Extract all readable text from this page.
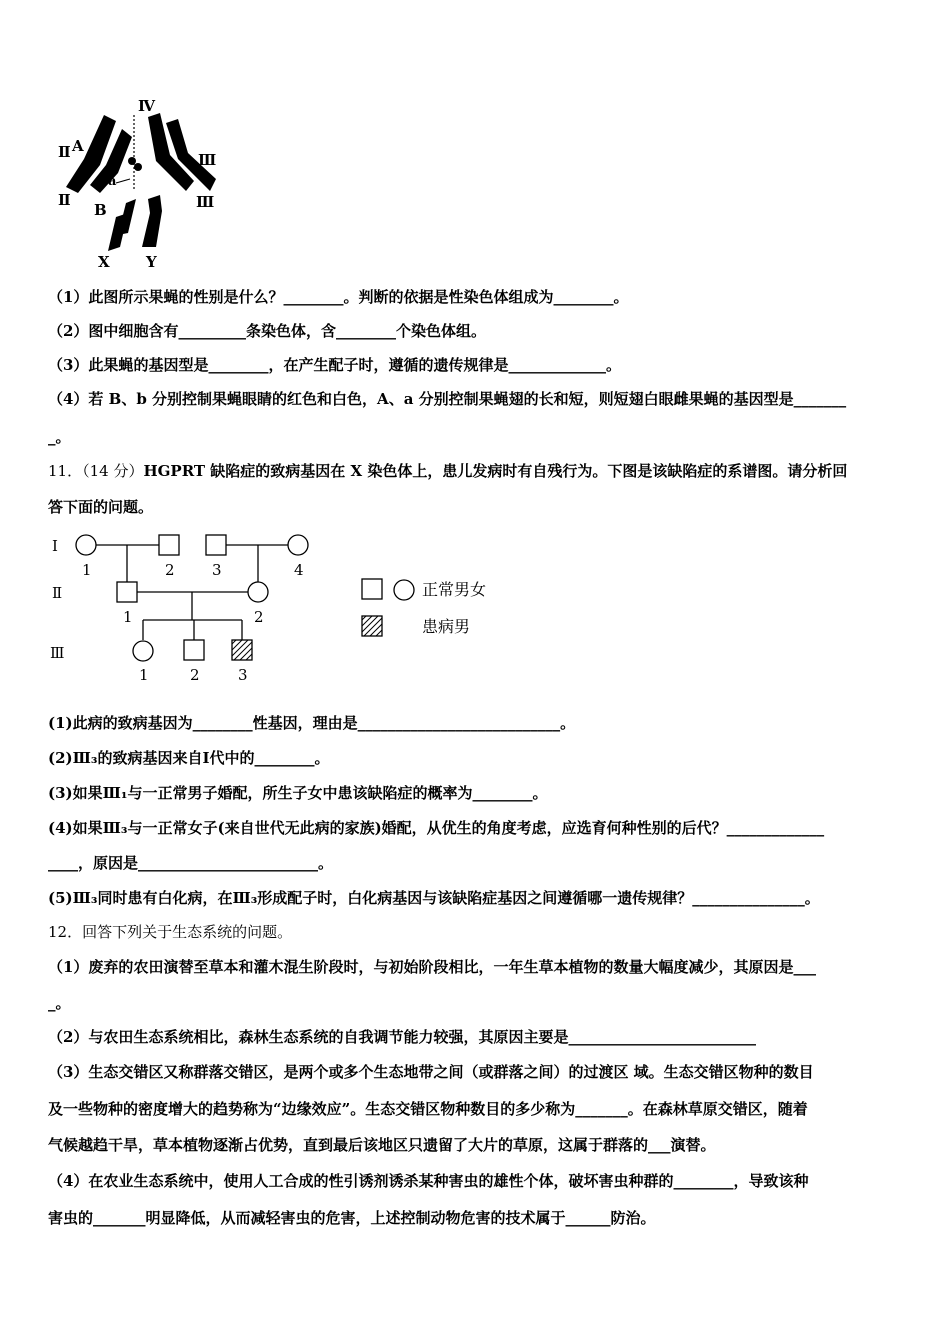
Ⅳ
Ⅱ
Ⅱ
Ⅲ
Ⅲ
A
a
B
X Y
（1）此图所示果蝇的性别是什么？________。判断的依据是性染色体组成为________。
（2）图中细胞含有_________条染色体，含________个染色体组。
（3）此果蝇的基因型是________，在产生配子时，遵循的遗传规律是_____________。
（4）若 B、b 分别控制果蝇眼睛的红色和白色，A、a 分别控制果蝇翅的长和短，则短翅白眼雌果蝇的基因型是_______
_。
11．（14 分）HGPRT 缺陷症的致病基因在 X 染色体上，患儿发病时有自残行为。下图是该缺陷症的系谱图。请分析回
答下面的问题。
Ⅰ
Ⅱ
Ⅲ
1	2 3	4
1	2
1	2	3
正常男女
患病男
(1)此病的致病基因为________性基因，理由是___________________________。
(2)Ⅲ₃的致病基因来自Ⅰ代中的________。
(3)如果Ⅲ₁与一正常男子婚配，所生子女中患该缺陷症的概率为________。
(4)如果Ⅲ₃与一正常女子(来自世代无此病的家族)婚配，从优生的角度考虑，应选育何种性别的后代？_____________
____，原因是________________________。
(5)Ⅲ₃同时患有白化病，在Ⅲ₃形成配子时，白化病基因与该缺陷症基因之间遵循哪一遗传规律？_______________。
12．回答下列关于生态系统的问题。
（1）废弃的农田演替至草本和灌木混生阶段时，与初始阶段相比，一年生草本植物的数量大幅度减少，其原因是___
_。
（2）与农田生态系统相比，森林生态系统的自我调节能力较强，其原因主要是_________________________
（3）生态交错区又称群落交错区，是两个或多个生态地带之间（或群落之间）的过渡区 域。生态交错区物种的数目
及一些物种的密度增大的趋势称为“边缘效应”。生态交错区物种数目的多少称为_______。在森林草原交错区，随着
气候越趋干旱，草本植物逐渐占优势，直到最后该地区只遗留了大片的草原，这属于群落的___演替。
（4）在农业生态系统中，使用人工合成的性引诱剂诱杀某种害虫的雄性个体，破坏害虫种群的________，导致该种
害虫的_______明显降低，从而减轻害虫的危害，上述控制动物危害的技术属于______防治。
